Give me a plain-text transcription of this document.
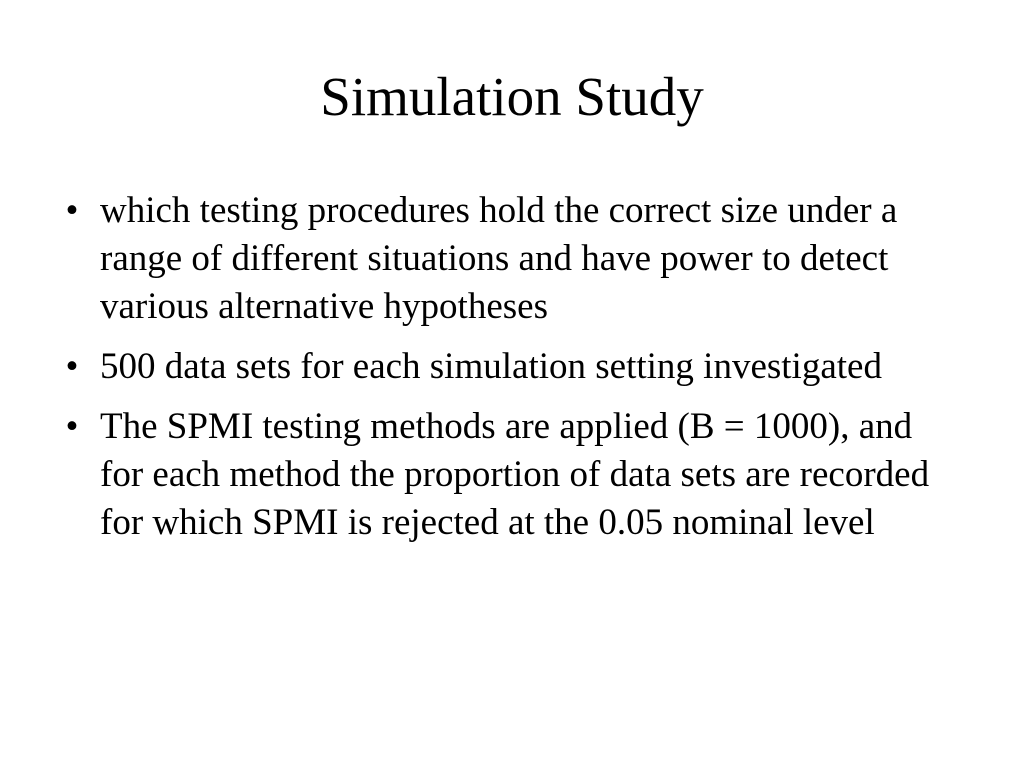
Simulation Study
• which testing procedures hold the correct size under a range of different situations and have power to detect various alternative hypotheses
• 500 data sets for each simulation setting investigated
• The SPMI testing methods are applied (B = 1000), and for each method the proportion of data sets are recorded for which SPMI is rejected at the 0.05 nominal level
